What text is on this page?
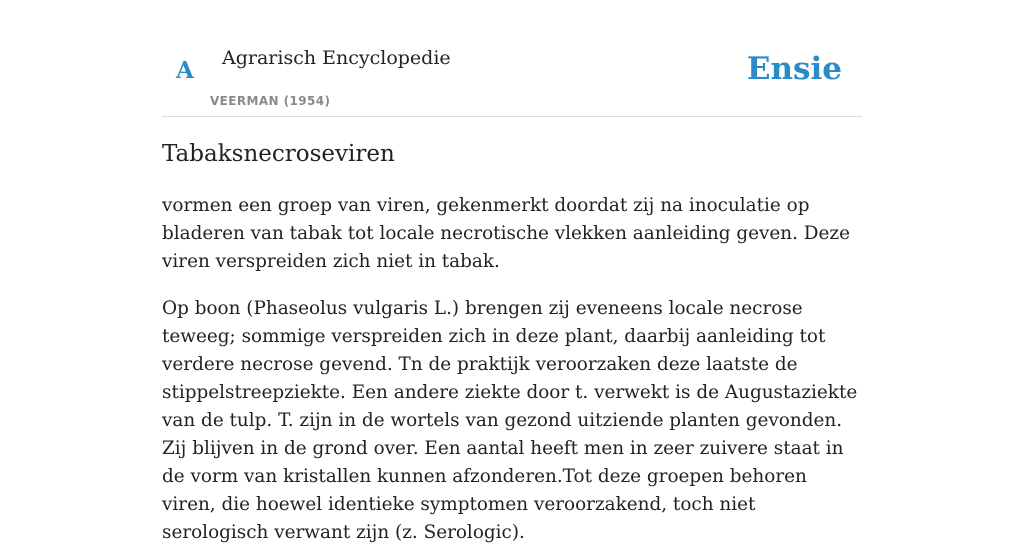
A Agrarisch Encyclopedie
VEERMAN (1954)
Ensie
Tabaksnecroseviren

vormen een groep van viren, gekenmerkt doordat zij na inoculatie op bladeren van tabak tot locale necrotische vlekken aanleiding geven. Deze viren verspreiden zich niet in tabak.

Op boon (Phaseolus vulgaris L.) brengen zij eveneens locale necrose teweeg; sommige verspreiden zich in deze plant, daarbij aanleiding tot verdere necrose gevend. Tn de praktijk veroorzaken deze laatste de stippelstreepziekte. Een andere ziekte door t. verwekt is de Augustaziekte van de tulp. T. zijn in de wortels van gezond uitziende planten gevonden. Zij blijven in de grond over. Een aantal heeft men in zeer zuivere staat in de vorm van kristallen kunnen afzonderen.Tot deze groepen behoren viren, die hoewel identieke symptomen veroorzakend, toch niet serologisch verwant zijn (z. Serologic).
